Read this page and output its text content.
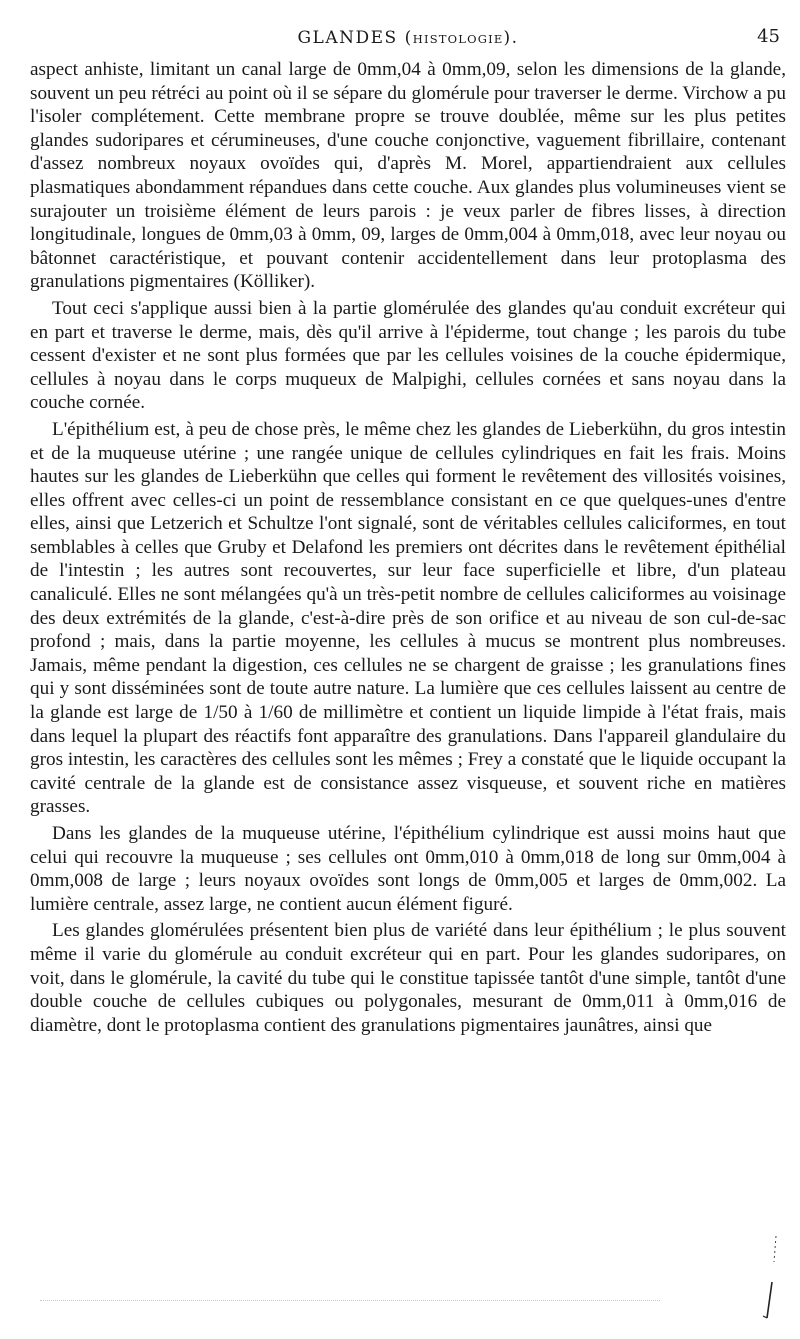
GLANDES (HISTOLOGIE).	45

aspect anhiste, limitant un canal large de 0mm,04 à 0mm,09, selon les dimensions de la glande, souvent un peu rétréci au point où il se sépare du glomérule pour traverser le derme. Virchow a pu l'isoler complétement. Cette membrane propre se trouve doublée, même sur les plus petites glandes sudoripares et cérumineuses, d'une couche conjonctive, vaguement fibrillaire, contenant d'assez nombreux noyaux ovoïdes qui, d'après M. Morel, appartiendraient aux cellules plasmatiques abondamment répandues dans cette couche. Aux glandes plus volumineuses vient se surajouter un troisième élément de leurs parois : je veux parler de fibres lisses, à direction longitudinale, longues de 0mm,03 à 0mm, 09, larges de 0mm,004 à 0mm,018, avec leur noyau ou bâtonnet caractéristique, et pouvant contenir accidentellement dans leur protoplasma des granulations pigmentaires (Kölliker).

Tout ceci s'applique aussi bien à la partie glomérulée des glandes qu'au conduit excréteur qui en part et traverse le derme, mais, dès qu'il arrive à l'épiderme, tout change ; les parois du tube cessent d'exister et ne sont plus formées que par les cellules voisines de la couche épidermique, cellules à noyau dans le corps muqueux de Malpighi, cellules cornées et sans noyau dans la couche cornée.

L'épithélium est, à peu de chose près, le même chez les glandes de Lieberkühn, du gros intestin et de la muqueuse utérine ; une rangée unique de cellules cylindriques en fait les frais. Moins hautes sur les glandes de Lieberkühn que celles qui forment le revêtement des villosités voisines, elles offrent avec celles-ci un point de ressemblance consistant en ce que quelques-unes d'entre elles, ainsi que Letzerich et Schultze l'ont signalé, sont de véritables cellules caliciformes, en tout semblables à celles que Gruby et Delafond les premiers ont décrites dans le revêtement épithélial de l'intestin ; les autres sont recouvertes, sur leur face superficielle et libre, d'un plateau canaliculé. Elles ne sont mélangées qu'à un très-petit nombre de cellules caliciformes au voisinage des deux extrémités de la glande, c'est-à-dire près de son orifice et au niveau de son cul-de-sac profond ; mais, dans la partie moyenne, les cellules à mucus se montrent plus nombreuses. Jamais, même pendant la digestion, ces cellules ne se chargent de graisse ; les granulations fines qui y sont disséminées sont de toute autre nature. La lumière que ces cellules laissent au centre de la glande est large de 1/50 à 1/60 de millimètre et contient un liquide limpide à l'état frais, mais dans lequel la plupart des réactifs font apparaître des granulations. Dans l'appareil glandulaire du gros intestin, les caractères des cellules sont les mêmes ; Frey a constaté que le liquide occupant la cavité centrale de la glande est de consistance assez visqueuse, et souvent riche en matières grasses.

Dans les glandes de la muqueuse utérine, l'épithélium cylindrique est aussi moins haut que celui qui recouvre la muqueuse ; ses cellules ont 0mm,010 à 0mm,018 de long sur 0mm,004 à 0mm,008 de large ; leurs noyaux ovoïdes sont longs de 0mm,005 et larges de 0mm,002. La lumière centrale, assez large, ne contient aucun élément figuré.

Les glandes glomérulées présentent bien plus de variété dans leur épithélium ; le plus souvent même il varie du glomérule au conduit excréteur qui en part. Pour les glandes sudoripares, on voit, dans le glomérule, la cavité du tube qui le constitue tapissée tantôt d'une simple, tantôt d'une double couche de cellules cubiques ou polygonales, mesurant de 0mm,011 à 0mm,016 de diamètre, dont le protoplasma contient des granulations pigmentaires jaunâtres, ainsi que
